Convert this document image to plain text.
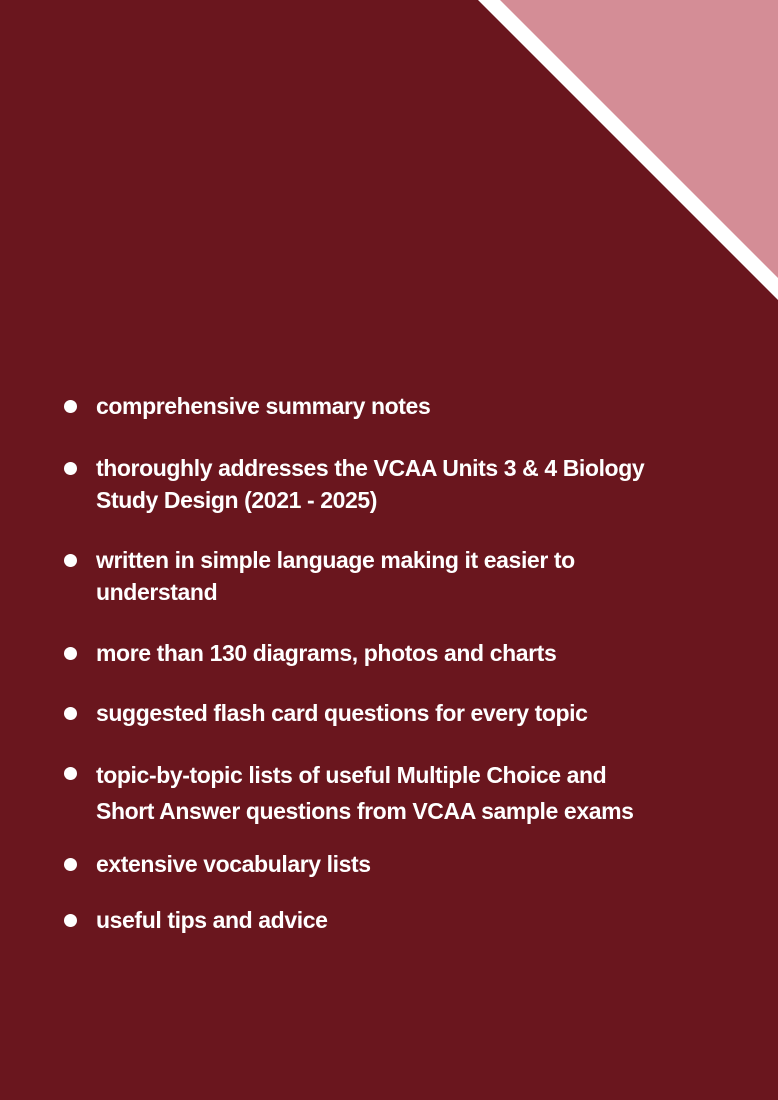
comprehensive summary notes
thoroughly addresses the VCAA Units 3 & 4 Biology
Study Design (2021 - 2025)
written in simple language making it easier to
understand
more than 130 diagrams, photos and charts
suggested flash card questions for every topic
topic-by-topic lists of useful Multiple Choice and
Short Answer questions from VCAA sample exams
extensive vocabulary lists
useful tips and advice
